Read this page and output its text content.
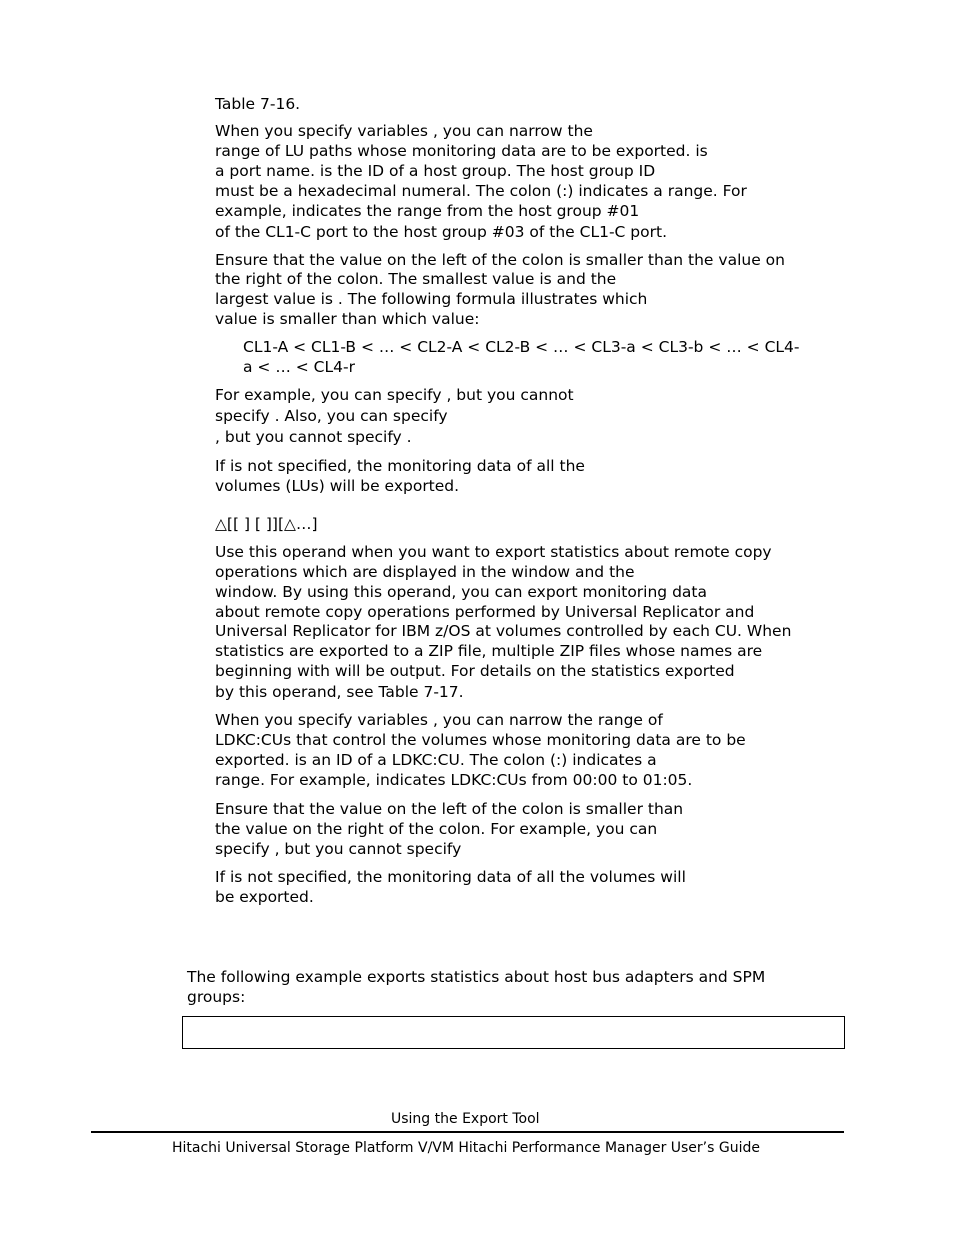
Table 7-16.
When you specify variables , you can narrow the
range of LU paths whose monitoring data are to be exported. is
a port name. is the ID of a host group. The host group ID
must be a hexadecimal numeral. The colon (:) indicates a range. For
example, indicates the range from the host group #01
of the CL1-C port to the host group #03 of the CL1-C port.
Ensure that the value on the left of the colon is smaller than the value on
the right of the colon. The smallest value is and the
largest value is . The following formula illustrates which
value is smaller than which value:
CL1-A < CL1-B < … < CL2-A < CL2-B < … < CL3-a < CL3-b < … < CL4-
a < … < CL4-r
For example, you can specify , but you cannot
specify . Also, you can specify
, but you cannot specify .
If is not specified, the monitoring data of all the
volumes (LUs) will be exported.
△[[ ] [ ]][△…]
Use this operand when you want to export statistics about remote copy
operations which are displayed in the window and the
window. By using this operand, you can export monitoring data
about remote copy operations performed by Universal Replicator and
Universal Replicator for IBM z/OS at volumes controlled by each CU. When
statistics are exported to a ZIP file, multiple ZIP files whose names are
beginning with will be output. For details on the statistics exported
by this operand, see Table 7-17.
When you specify variables , you can narrow the range of
LDKC:CUs that control the volumes whose monitoring data are to be
exported. is an ID of a LDKC:CU. The colon (:) indicates a
range. For example, indicates LDKC:CUs from 00:00 to 01:05.
Ensure that the value on the left of the colon is smaller than
the value on the right of the colon. For example, you can
specify , but you cannot specify
If is not specified, the monitoring data of all the volumes will
be exported.
The following example exports statistics about host bus adapters and SPM
groups:
Using the Export Tool
Hitachi Universal Storage Platform V/VM Hitachi Performance Manager User’s Guide
